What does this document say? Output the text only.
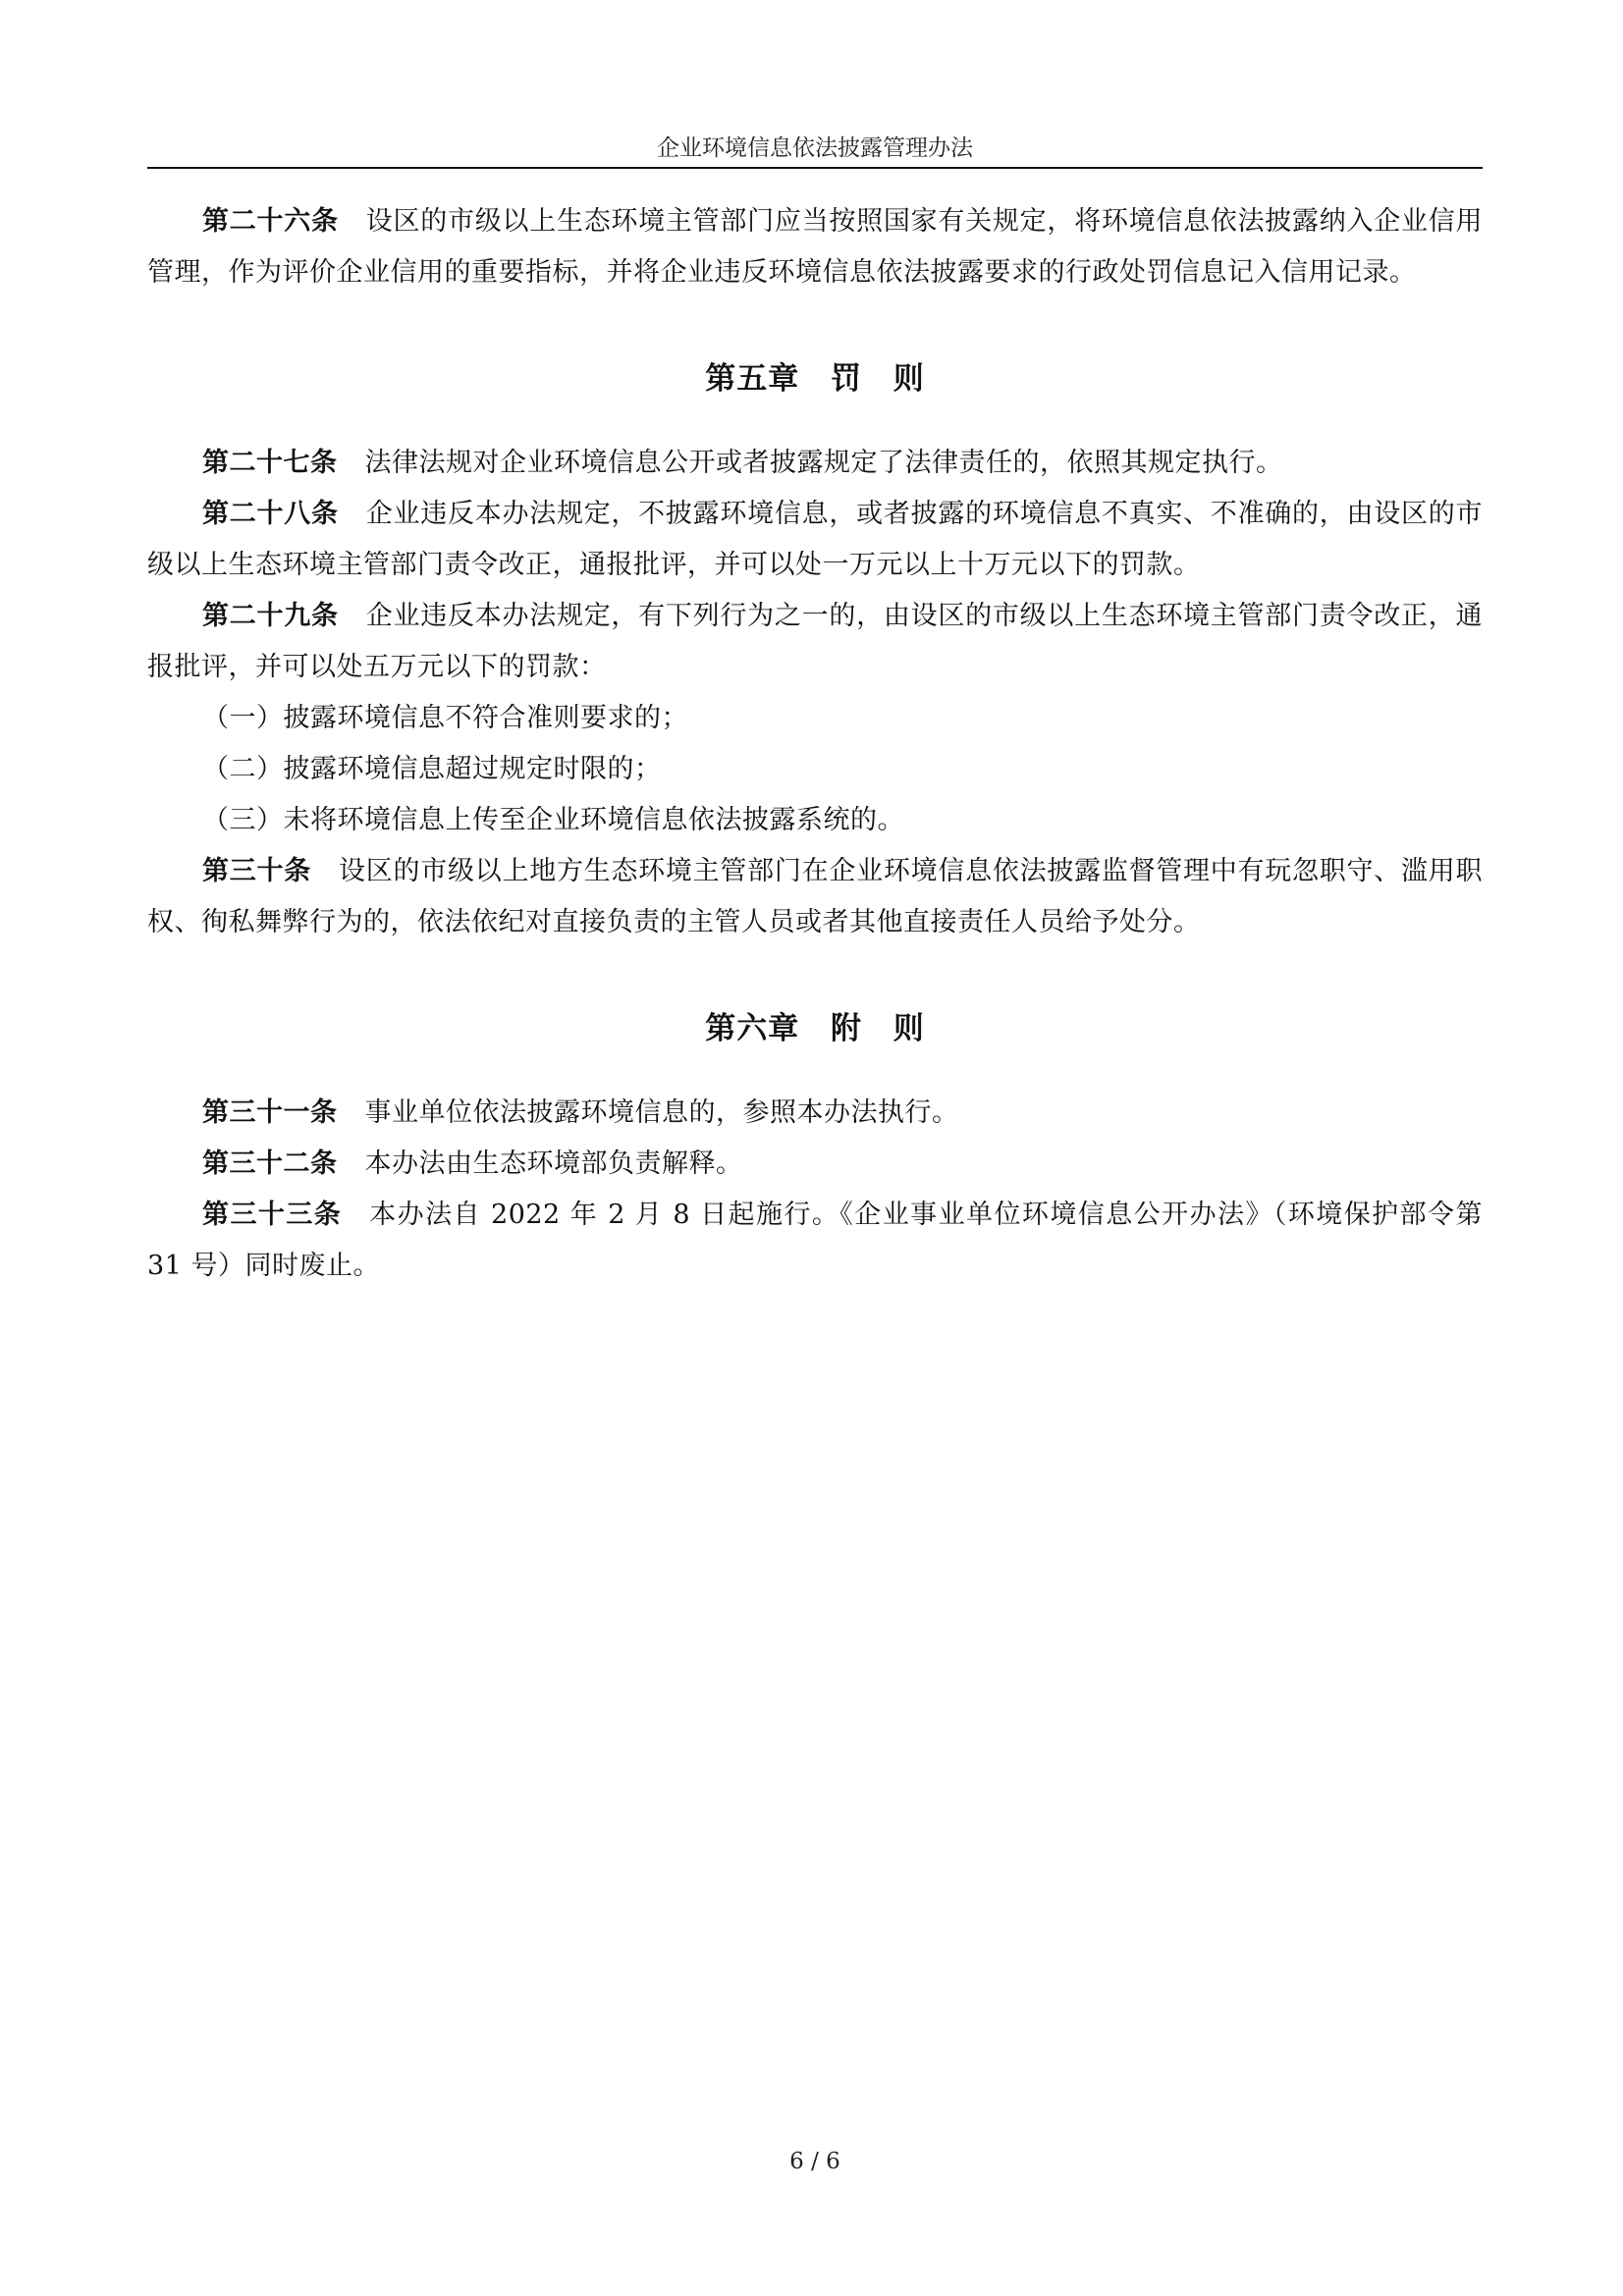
企业环境信息依法披露管理办法

第二十六条 设区的市级以上生态环境主管部门应当按照国家有关规定，将环境信息依法披露纳入企业信用管理，作为评价企业信用的重要指标，并将企业违反环境信息依法披露要求的行政处罚信息记入信用记录。

第五章 罚 则

第二十七条 法律法规对企业环境信息公开或者披露规定了法律责任的，依照其规定执行。

第二十八条 企业违反本办法规定，不披露环境信息，或者披露的环境信息不真实、不准确的，由设区的市级以上生态环境主管部门责令改正，通报批评，并可以处一万元以上十万元以下的罚款。

第二十九条 企业违反本办法规定，有下列行为之一的，由设区的市级以上生态环境主管部门责令改正，通报批评，并可以处五万元以下的罚款：

（一）披露环境信息不符合准则要求的；

（二）披露环境信息超过规定时限的；

（三）未将环境信息上传至企业环境信息依法披露系统的。

第三十条 设区的市级以上地方生态环境主管部门在企业环境信息依法披露监督管理中有玩忽职守、滥用职权、徇私舞弊行为的，依法依纪对直接负责的主管人员或者其他直接责任人员给予处分。

第六章 附 则

第三十一条 事业单位依法披露环境信息的，参照本办法执行。

第三十二条 本办法由生态环境部负责解释。

第三十三条 本办法自 2022 年 2 月 8 日起施行。《企业事业单位环境信息公开办法》（环境保护部令第 31 号）同时废止。

6 / 6
